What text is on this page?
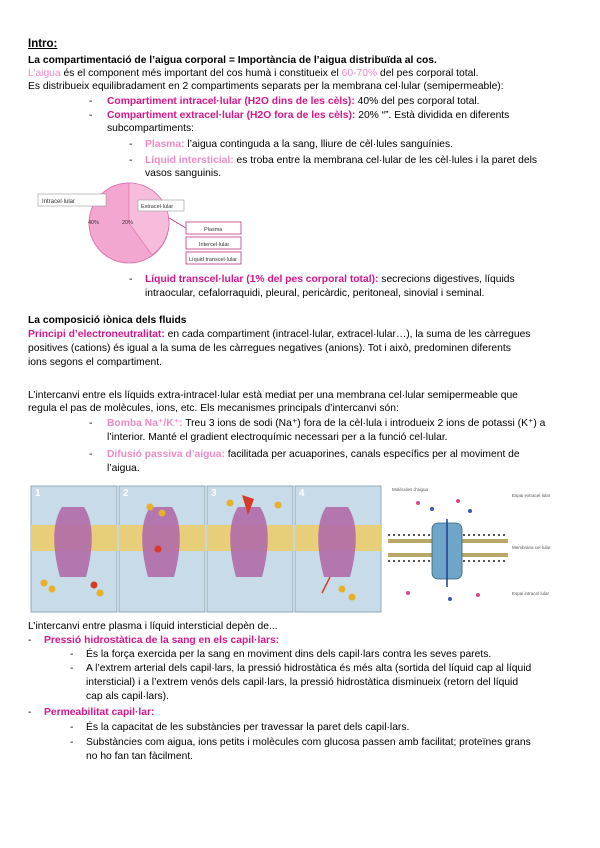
Intro:
La compartimentació de l’aigua corporal = Importància de l’aigua distribuïda al cos.
L’aigua és el component més important del cos humà i constitueix el 60-70% del pes corporal total.
Es distribueix equilibradament en 2 compartiments separats per la membrana cel·lular (semipermeable):
- Compartiment intracel·lular (H2O dins de les cèls): 40% del pes corporal total.
- Compartiment extracel·lular (H2O fora de les cèls): 20% “”. Està dividida en diferents
subcompartiments:
- Plasma: l’aigua continguda a la sang, lliure de cèl·lules sanguínies.
- Líquid intersticial: es troba entre la membrana cel·lular de les cèl·lules i la paret dels
vasos sanguinis.
Intracel·lular
Extracel·lular
40%	20%
Plasma
Intercel·lular
Líquid transcel·lular
- Líquid transcel·lular (1% del pes corporal total): secrecions digestives, líquids
intraocular, cefalorraquidi, pleural, pericàrdic, peritoneal, sinovial i seminal.
La composició iònica dels fluids
Principi d’electroneutralitat: en cada compartiment (intracel·lular, extracel·lular…), la suma de les càrregues
positives (cations) és igual a la suma de les càrregues negatives (anions). Tot i això, predominen diferents
ions segons el compartiment.
L’intercanvi entre els líquids extra-intracel·lular està mediat per una membrana cel·lular semipermeable que
regula el pas de molècules, ions, etc. Els mecanismes principals d’intercanvi són:
- Bomba Na⁺/K⁺: Treu 3 ions de sodi (Na⁺) fora de la cèl·lula i introdueix 2 ions de potassi (K⁺) a
l’interior. Manté el gradient electroquímic necessari per a la funció cel·lular.
- Difusió passiva d’aigua: facilitada per acuaporines, canals específics per al moviment de
l’aigua.
1	2	3	4	Molècules d’aigua
Espai extracel·lular
Membrana cel·lular
Espai intracel·lular
L’intercanvi entre plasma i líquid intersticial depèn de...
- Pressió hidrostàtica de la sang en els capil·lars:
- És la força exercida per la sang en moviment dins dels capil·lars contra les seves parets.
- A l’extrem arterial dels capil·lars, la pressió hidrostàtica és més alta (sortida del líquid cap al líquid
intersticial) i a l’extrem venós dels capil·lars, la pressió hidrostàtica disminueix (retorn del líquid
cap als capil·lars).
- Permeabilitat capil·lar:
- És la capacitat de les substàncies per travessar la paret dels capil·lars.
- Substàncies com aigua, ions petits i molècules com glucosa passen amb facilitat; proteïnes grans
no ho fan tan fàcilment.
